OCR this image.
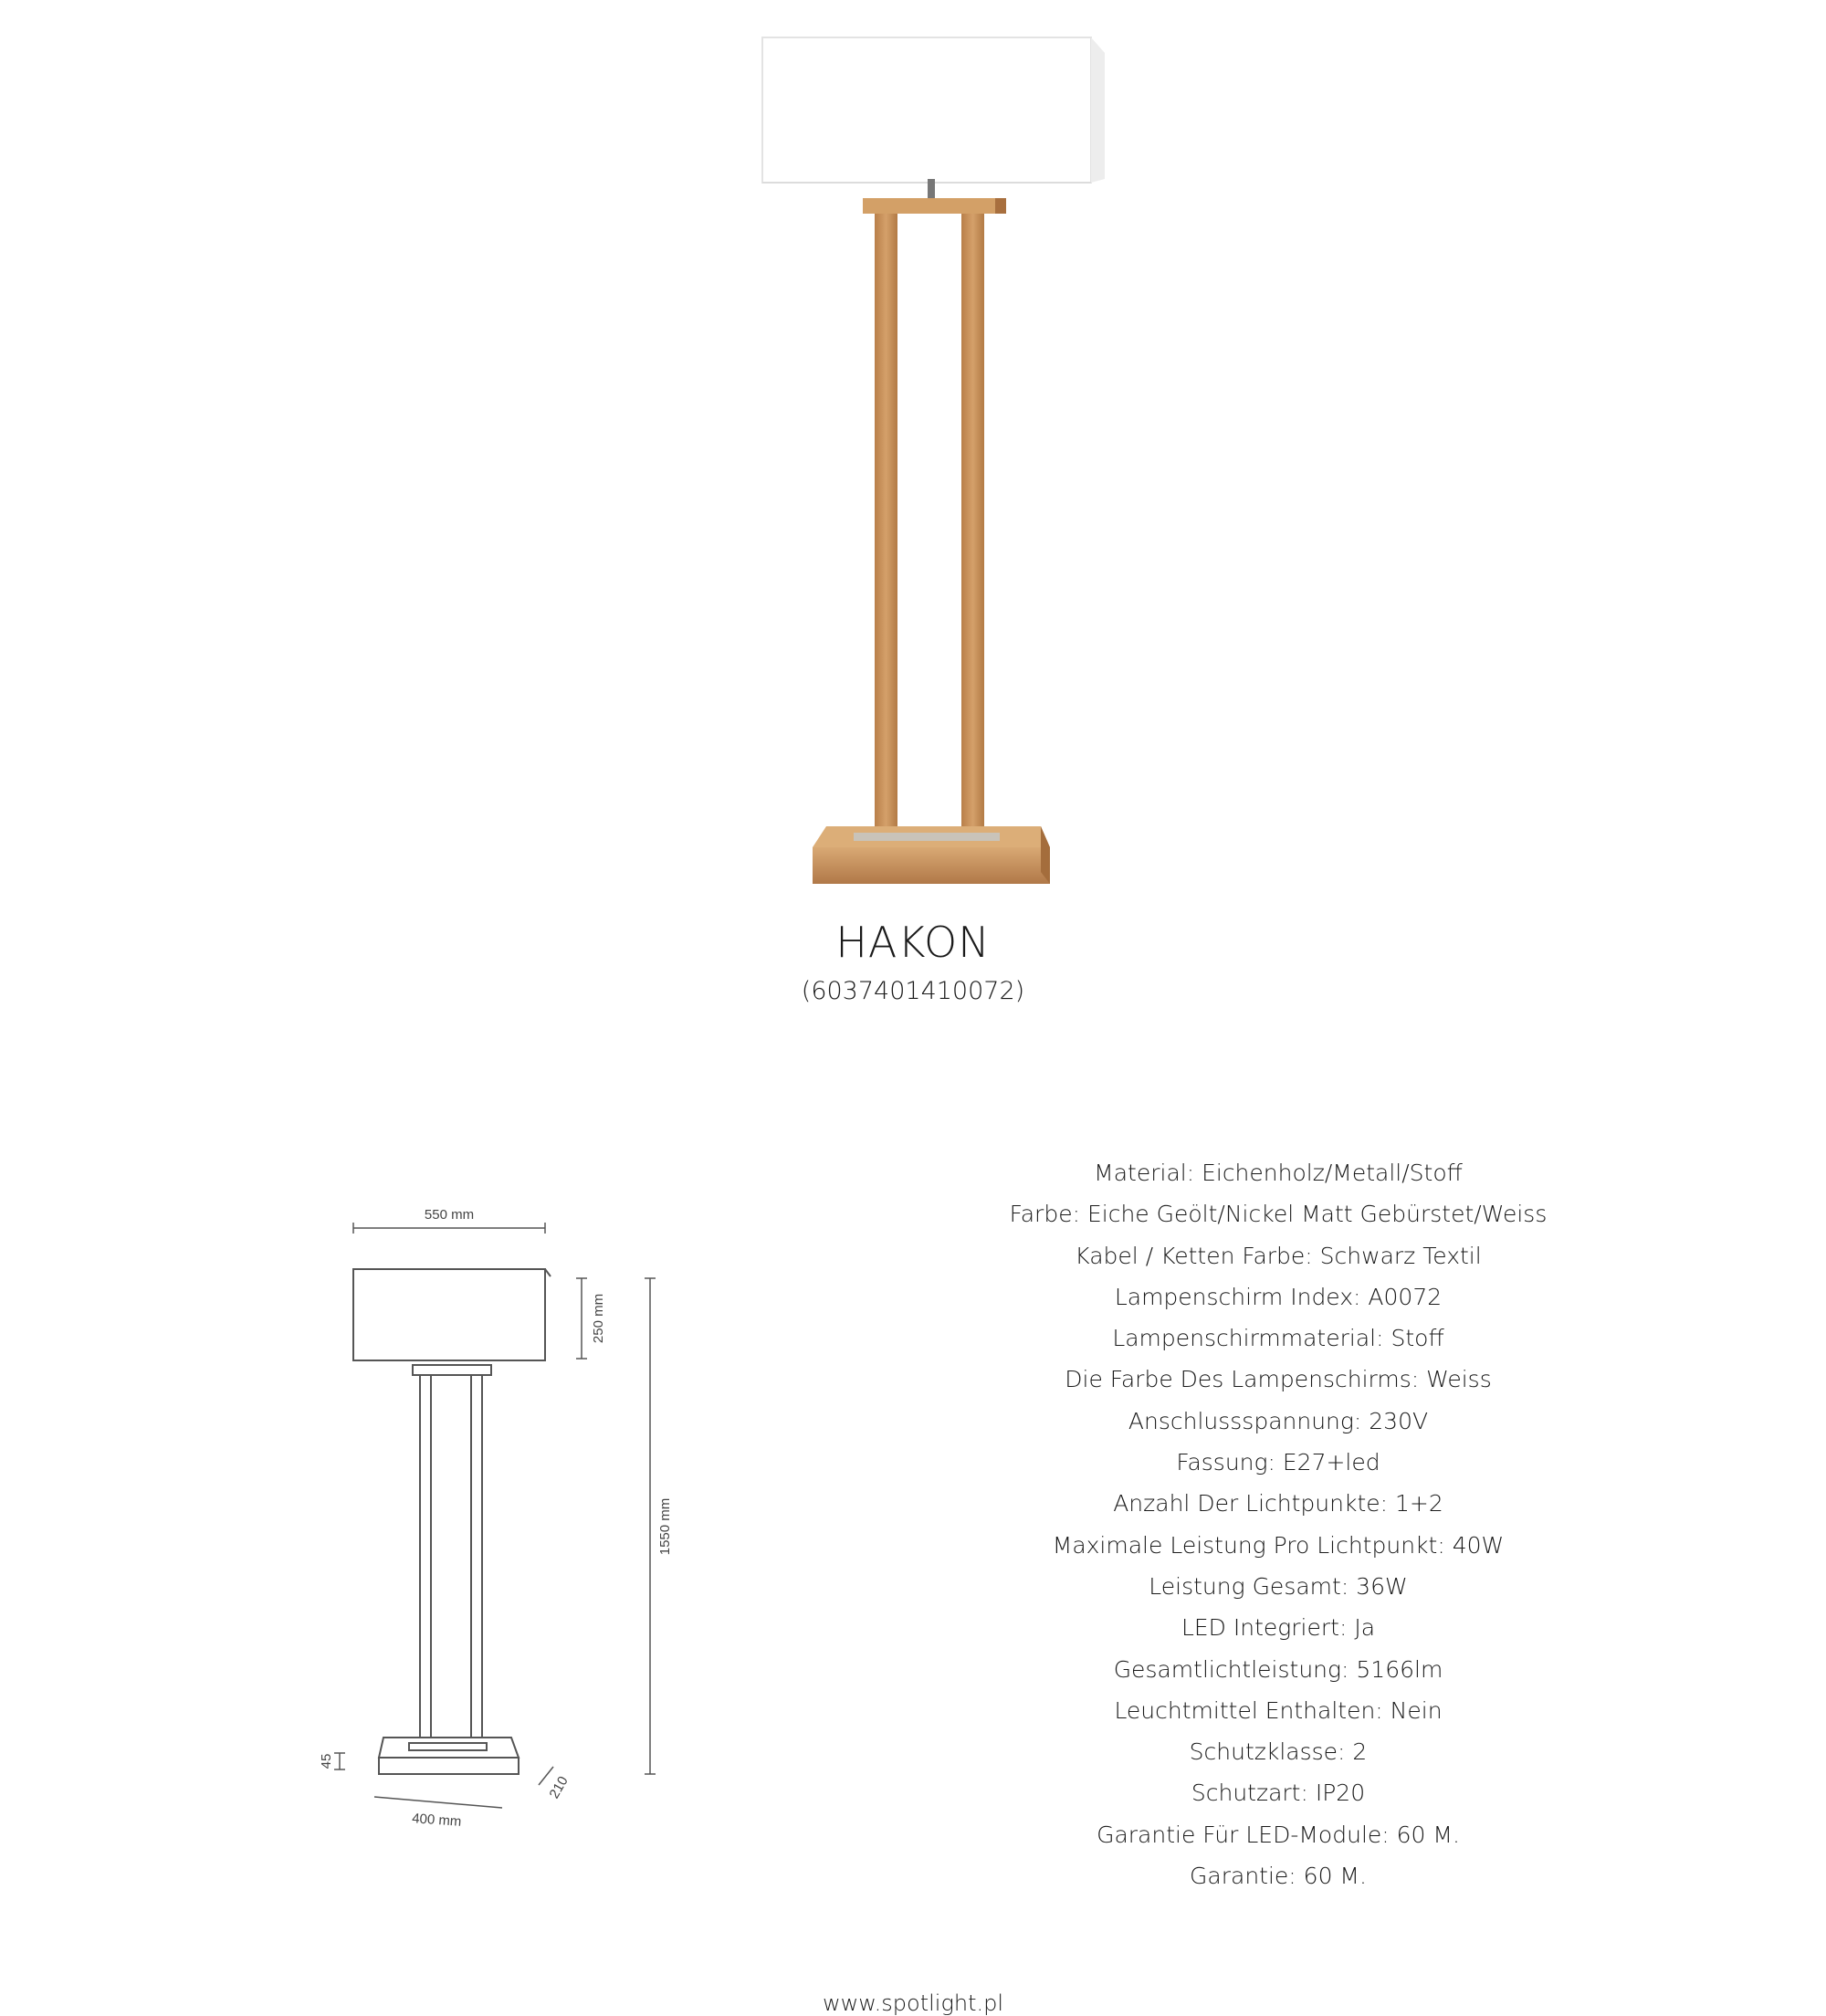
HAKON
(6037401410072)
550 mm
250 mm
1550 mm
45
400 mm
210
Material: Eichenholz/Metall/Stoff
Farbe: Eiche Geölt/Nickel Matt Gebürstet/Weiss
Kabel / Ketten Farbe: Schwarz Textil
Lampenschirm Index: A0072
Lampenschirmmaterial: Stoff
Die Farbe Des Lampenschirms: Weiss
Anschlussspannung: 230V
Fassung: E27+led
Anzahl Der Lichtpunkte: 1+2
Maximale Leistung Pro Lichtpunkt: 40W
Leistung Gesamt: 36W
LED Integriert: Ja
Gesamtlichtleistung: 5166lm
Leuchtmittel Enthalten: Nein
Schutzklasse: 2
Schutzart: IP20
Garantie Für LED-Module: 60 M.
Garantie: 60 M.
www.spotlight.pl
